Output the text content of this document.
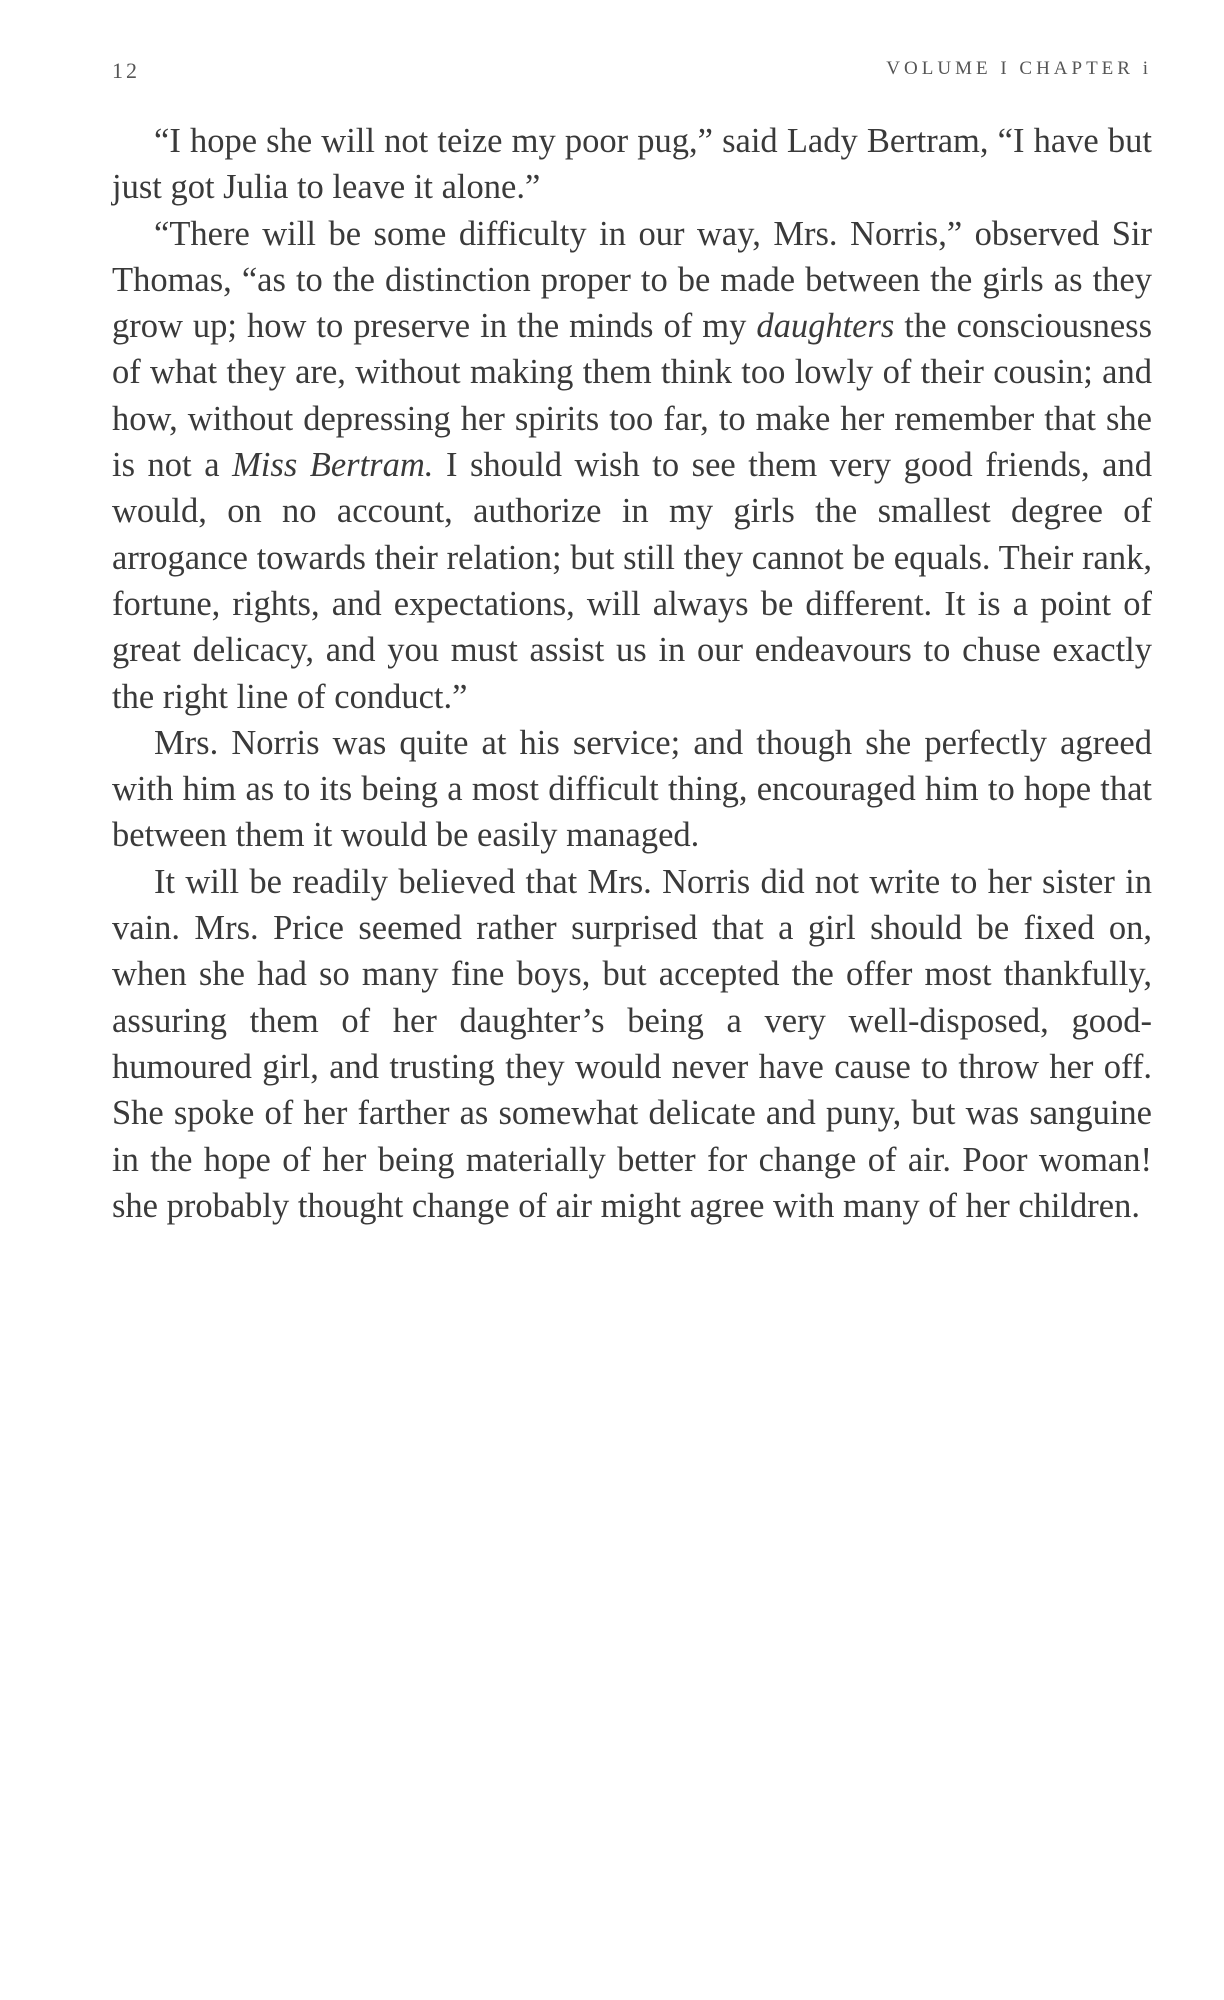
12	VOLUME I CHAPTER i

“I hope she will not teize my poor pug,” said Lady Bertram, “I have but just got Julia to leave it alone.”

“There will be some difficulty in our way, Mrs. Norris,” observed Sir Thomas, “as to the distinction proper to be made between the girls as they grow up; how to preserve in the minds of my daughters the consciousness of what they are, without making them think too lowly of their cousin; and how, without depressing her spirits too far, to make her remember that she is not a Miss Bertram. I should wish to see them very good friends, and would, on no account, authorize in my girls the smallest degree of arrogance towards their relation; but still they cannot be equals. Their rank, fortune, rights, and expectations, will always be different. It is a point of great delicacy, and you must assist us in our endeavours to chuse exactly the right line of conduct.”

Mrs. Norris was quite at his service; and though she perfectly agreed with him as to its being a most difficult thing, encouraged him to hope that between them it would be easily managed.

It will be readily believed that Mrs. Norris did not write to her sister in vain. Mrs. Price seemed rather surprised that a girl should be fixed on, when she had so many fine boys, but accepted the offer most thankfully, assuring them of her daughter’s being a very well-disposed, good-humoured girl, and trusting they would never have cause to throw her off. She spoke of her farther as somewhat delicate and puny, but was sanguine in the hope of her being materially better for change of air. Poor woman! she probably thought change of air might agree with many of her children.
